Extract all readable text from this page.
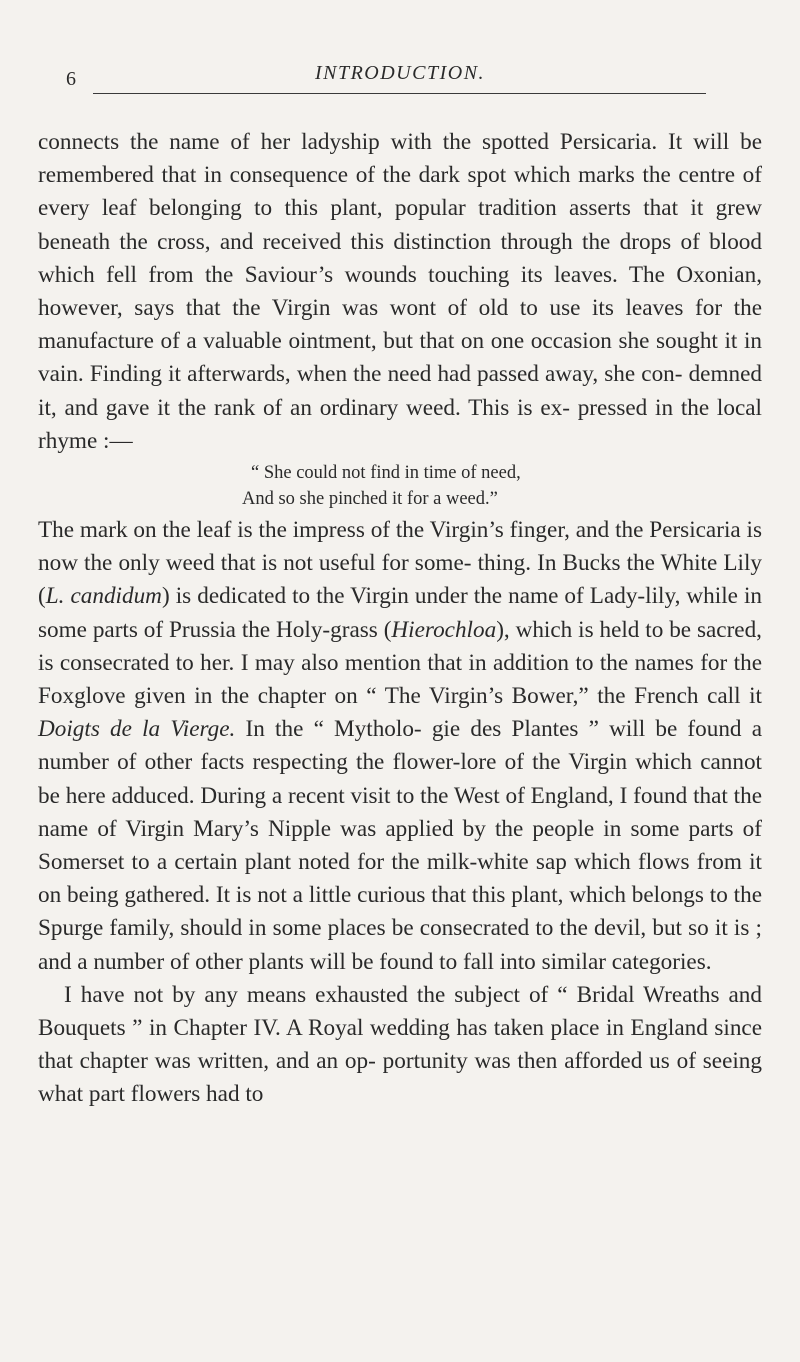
6	INTRODUCTION.

connects the name of her ladyship with the spotted Persicaria. It will be remembered that in consequence of the dark spot which marks the centre of every leaf belonging to this plant, popular tradition asserts that it grew beneath the cross, and received this distinction through the drops of blood which fell from the Saviour’s wounds touching its leaves. The Oxonian, however, says that the Virgin was wont of old to use its leaves for the manufacture of a valuable ointment, but that on one occasion she sought it in vain. Finding it afterwards, when the need had passed away, she con- demned it, and gave it the rank of an ordinary weed. This is ex- pressed in the local rhyme :—

“ She could not find in time of need,
And so she pinched it for a weed.”

The mark on the leaf is the impress of the Virgin’s finger, and the Persicaria is now the only weed that is not useful for some- thing. In Bucks the White Lily (L. candidum) is dedicated to the Virgin under the name of Lady-lily, while in some parts of Prussia the Holy-grass (Hierochloa), which is held to be sacred, is consecrated to her. I may also mention that in addition to the names for the Foxglove given in the chapter on “ The Virgin’s Bower,” the French call it Doigts de la Vierge. In the “ Mytholo- gie des Plantes ” will be found a number of other facts respecting the flower-lore of the Virgin which cannot be here adduced. During a recent visit to the West of England, I found that the name of Virgin Mary’s Nipple was applied by the people in some parts of Somerset to a certain plant noted for the milk-white sap which flows from it on being gathered. It is not a little curious that this plant, which belongs to the Spurge family, should in some places be consecrated to the devil, but so it is ; and a number of other plants will be found to fall into similar categories.

I have not by any means exhausted the subject of “ Bridal Wreaths and Bouquets ” in Chapter IV. A Royal wedding has taken place in England since that chapter was written, and an op- portunity was then afforded us of seeing what part flowers had to
